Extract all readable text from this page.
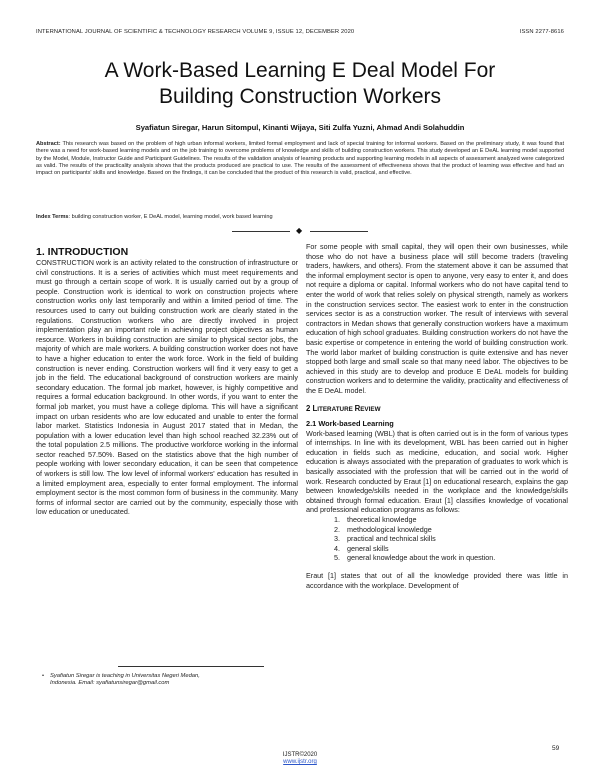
INTERNATIONAL JOURNAL OF SCIENTIFIC & TECHNOLOGY RESEARCH VOLUME 9, ISSUE 12, DECEMBER 2020	ISSN 2277-8616
A Work-Based Learning E Deal Model For
Building Construction Workers
Syafiatun Siregar, Harun Sitompul, Kinanti Wijaya, Siti Zulfa Yuzni, Ahmad Andi Solahuddin
Abstract: This research was based on the problem of high urban informal workers, limited formal employment and lack of special training for informal workers. Based on the preliminary study, it was found that there was a need for work-based learning models and on the job training to overcome problems of knowledge and skills of building construction workers. This study developed an E DeAL learning model supported by the Model, Module, Instructor Guide and Participant Guidelines. The results of the validation analysis of learning products and supporting learning models in all aspects of assessment analyzed were categorized as valid. The results of the practicality analysis shows that the products produced are practical to use. The results of the assessment of effectiveness shows that the product of learning was effective and had an impact on participants' skills and knowledge. Based on the findings, it can be concluded that the product of this research is valid, practical, and effective.
Index Terms: building construction worker, E DeAL model, learning model, work based learning
◆

1. INTRODUCTION

CONSTRUCTION work is an activity related to the construction of infrastructure or civil constructions. It is a series of activities which must meet requirements and must go through a certain scope of work. It is usually carried out by a group of people. Construction work is identical to work on construction projects where construction works only last temporarily and within a limited period of time. The resources used to carry out building construction work are clearly stated in the regulations. Construction workers who are directly involved in project implementation play an important role in achieving project objectives as human resource. Workers in building construction are similar to physical sector jobs, the majority of which are male workers. A building construction worker does not have to have a higher education to enter the work force. Work in the field of building construction is never ending. Construction workers will find it very easy to get a job in the field. The educational background of construction workers are mainly secondary education. The formal job market, however, is highly competitive and requires a formal education background. In other words, if you want to enter the formal job market, you must have a college diploma. This will have a significant impact on urban residents who are low educated and unable to enter the formal labor market. Statistics Indonesia in August 2017 stated that in Medan, the population with a lower education level than high school reached 32.23% out of the total population 2.5 millions. The productive workforce working in the informal sector reached 57.50%. Based on the statistics above that the high number of people working with lower secondary education, it can be seen that competence of workers is still low. The low level of informal workers' education has resulted in a limited employment area, especially to enter formal employment. The informal employment sector is the most common form of business in the community. Many forms of informal sector are carried out by the community, especially those with low education or uneducated.

For some people with small capital, they will open their own businesses, while those who do not have a business place will still become traders (traveling traders, hawkers, and others). From the statement above it can be assumed that the informal employment sector is open to anyone, very easy to enter it, and does not require a diploma or capital. Informal workers who do not have capital tend to enter the world of work that relies solely on physical strength, namely as workers in the construction services sector. The easiest work to enter in the construction services sector is as a construction worker. The result of interviews with several contractors in Medan shows that generally construction workers have a maximum education of high school graduates. Building construction workers do not have the basic expertise or competence in entering the world of building construction work. The world labor market of building construction is quite extensive and has never stopped both large and small scale so that many need labor. The objectives to be achieved in this study are to develop and produce E DeAL models for building construction workers and to determine the validity, practicality and effectiveness of the E DeAL model.

2 LITERATURE REVIEW

2.1 Work-based Learning

Work-based learning (WBL) that is often carried out is in the form of various types of internships. In line with its development, WBL has been carried out in higher education in fields such as medicine, education, and social work. Higher education is always associated with the preparation of graduates to work which is basically associated with the profession that will be carried out in the world of work. Research conducted by Eraut [1] on educational research, explains the gap between knowledge/skills needed in the workplace and the knowledge/skills obtained through formal education. Eraut [1] classifies knowledge of vocational and professional education programs as follows:

1. theoretical knowledge
2. methodological knowledge
3. practical and technical skills
4. general skills
5. general knowledge about the work in question.

Eraut [1] states that out of all the knowledge provided there was little in accordance with the workplace. Development of

• Syafiatun Siregar is teaching in Universitas Negeri Medan,
Indonesia. Email: syafiatunsiregar@gmail.com
59
IJSTR©2020
www.ijstr.org
